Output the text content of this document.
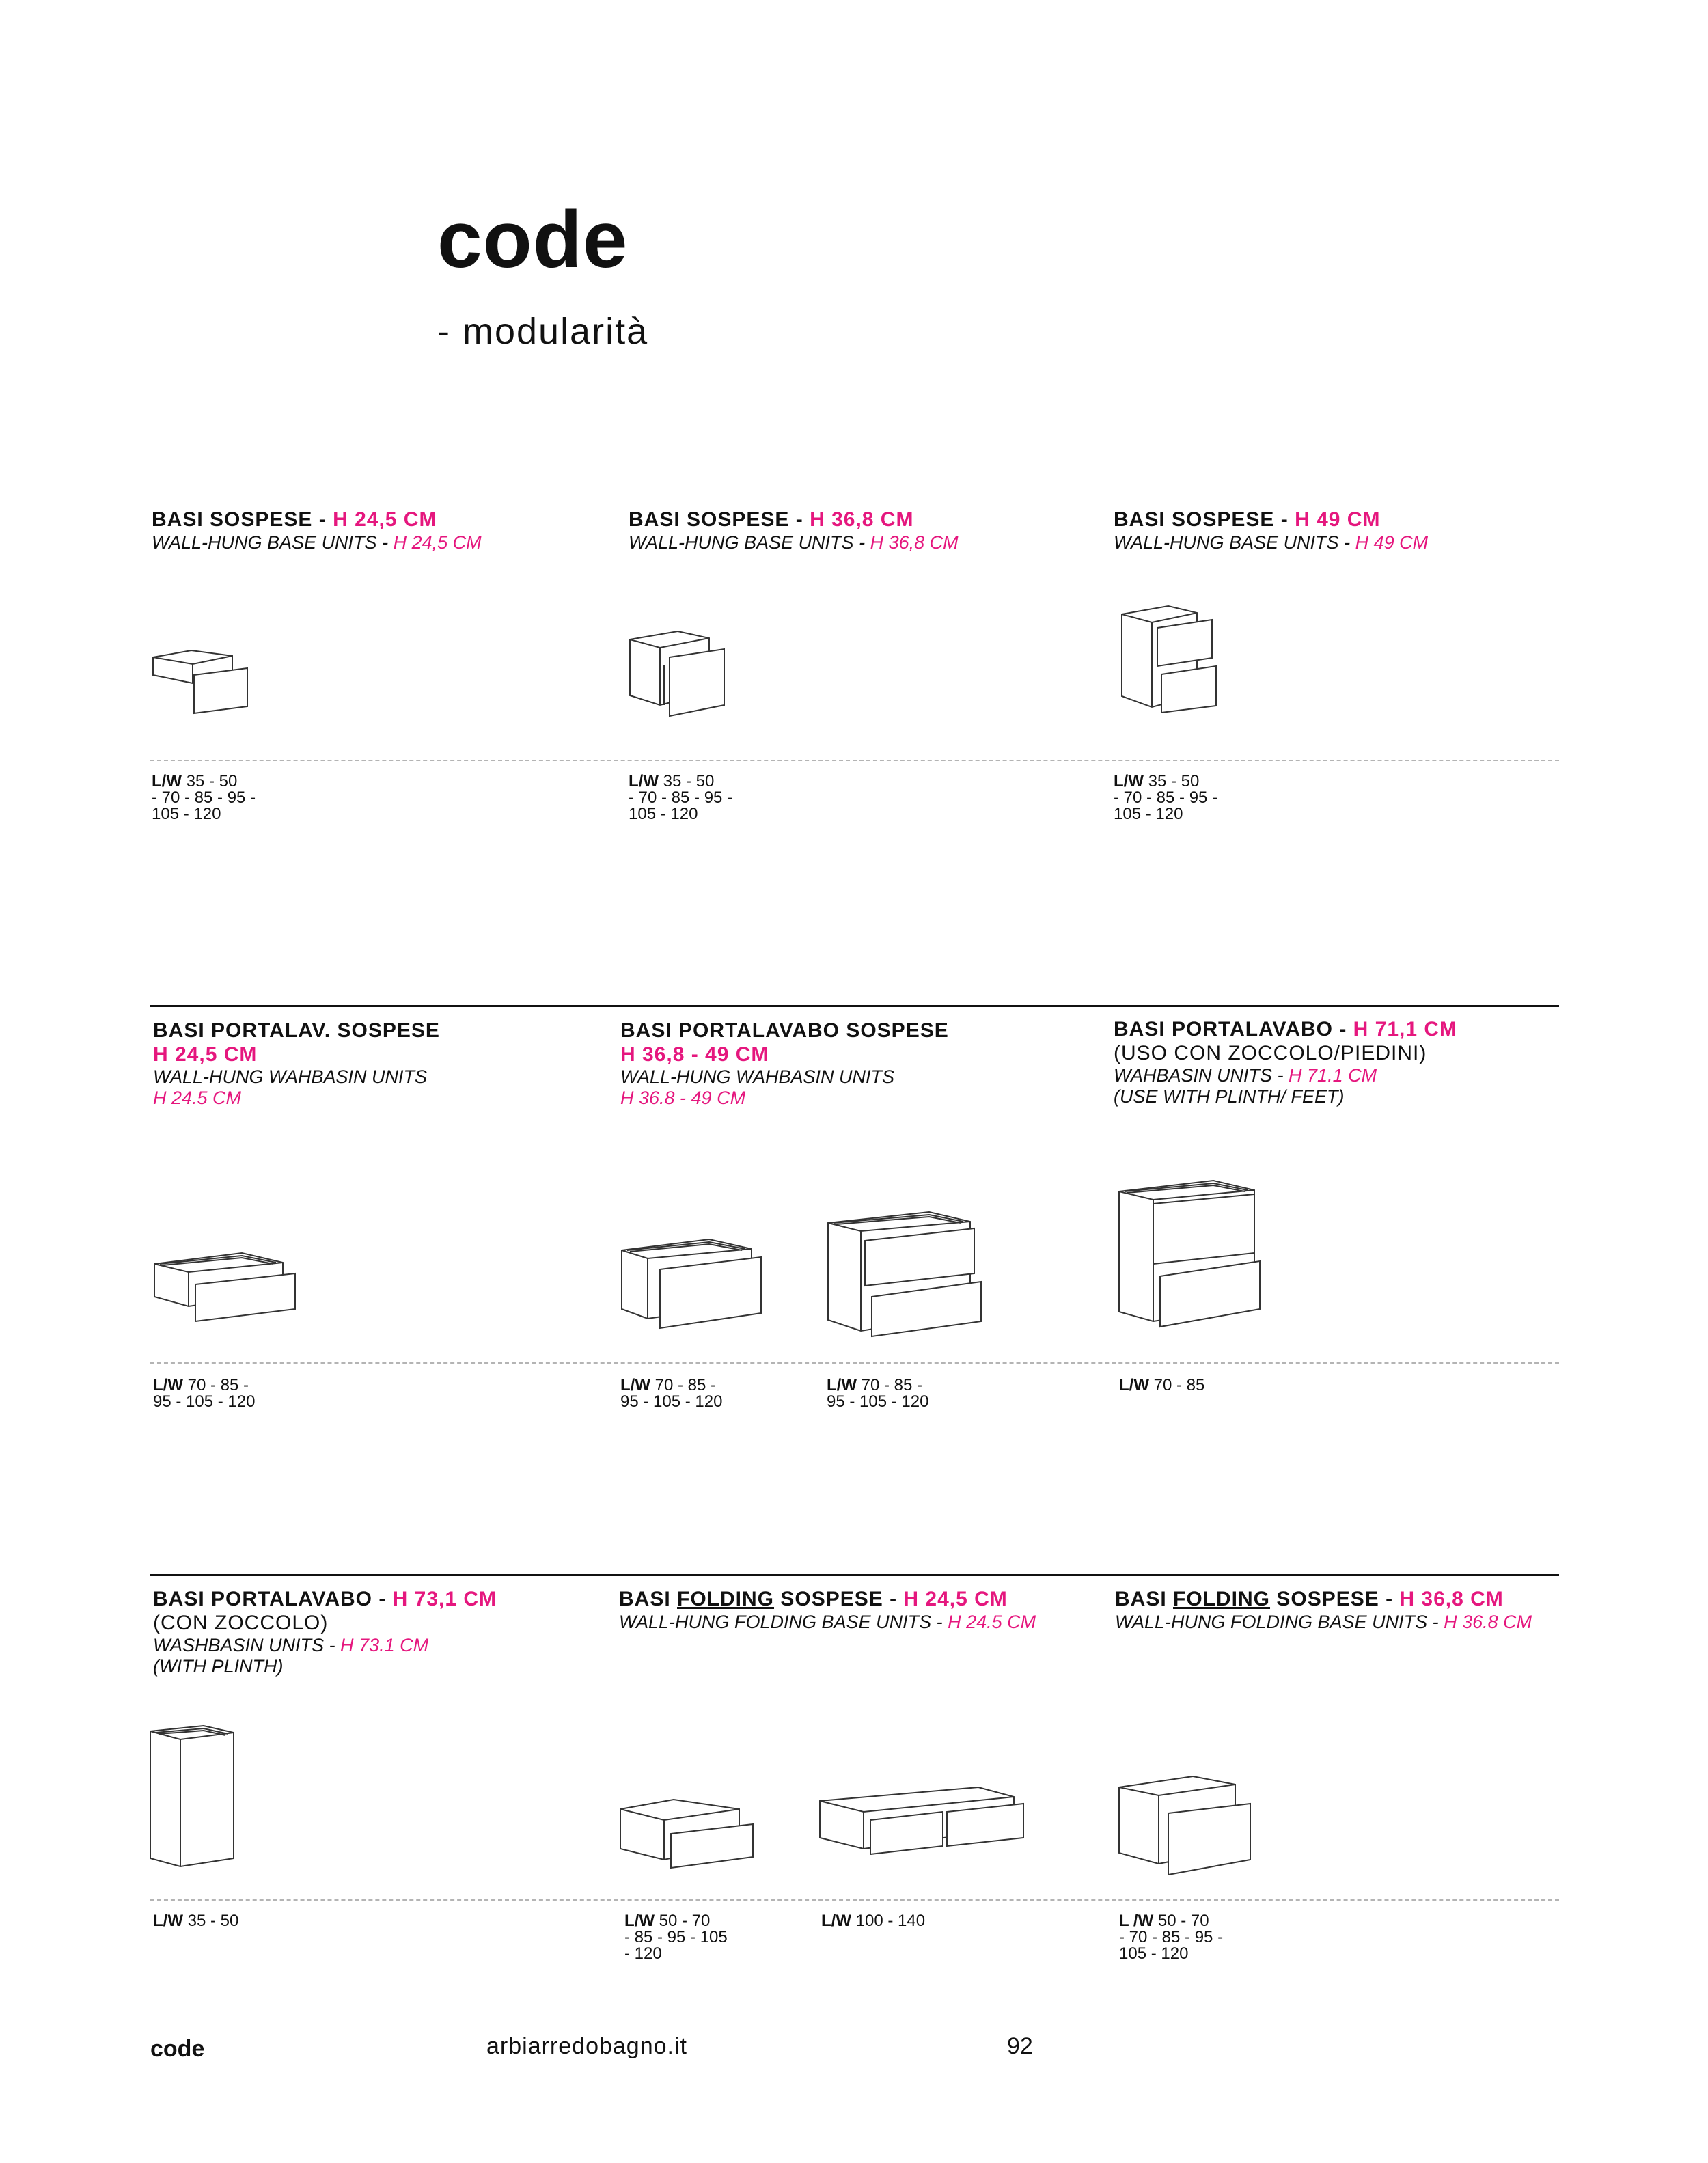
code
- modularità
BASI SOSPESE - H 24,5 CM
WALL-HUNG BASE UNITS - H 24,5 CM
BASI SOSPESE - H 36,8 CM
WALL-HUNG BASE UNITS - H 36,8 CM
BASI SOSPESE - H 49 CM
WALL-HUNG BASE UNITS - H 49 CM
L/W 35 - 50
- 70 - 85 - 95 -
105 - 120
L/W 35 - 50
- 70 - 85 - 95 -
105 - 120
L/W 35 - 50
- 70 - 85 - 95 -
105 - 120
BASI PORTALAV. SOSPESE
H 24,5 CM
WALL-HUNG WAHBASIN UNITS
H 24.5 CM
BASI PORTALAVABO SOSPESE
H 36,8 - 49 CM
WALL-HUNG WAHBASIN UNITS
H 36.8 - 49 CM
BASI PORTALAVABO - H 71,1 CM
(USO CON ZOCCOLO/PIEDINI)
WAHBASIN UNITS - H 71.1 CM
(USE WITH PLINTH/ FEET)
L/W 70 - 85 -
95 - 105 - 120
L/W 70 - 85 -
95 - 105 - 120
L/W 70 - 85 -
95 - 105 - 120
L/W 70 - 85
BASI PORTALAVABO - H 73,1 CM
(CON ZOCCOLO)
WASHBASIN UNITS - H 73.1 CM
(WITH PLINTH)
BASI FOLDING SOSPESE - H 24,5 CM
WALL-HUNG FOLDING BASE UNITS - H 24.5 CM
BASI FOLDING SOSPESE - H 36,8 CM
WALL-HUNG FOLDING BASE UNITS - H 36.8 CM
L/W 35 - 50	L/W 50 - 70
- 85 - 95 - 105
- 120
L/W 100 - 140	L /W 50 - 70
- 70 - 85 - 95 -
105 - 120
code	arbiarredobagno.it	92
